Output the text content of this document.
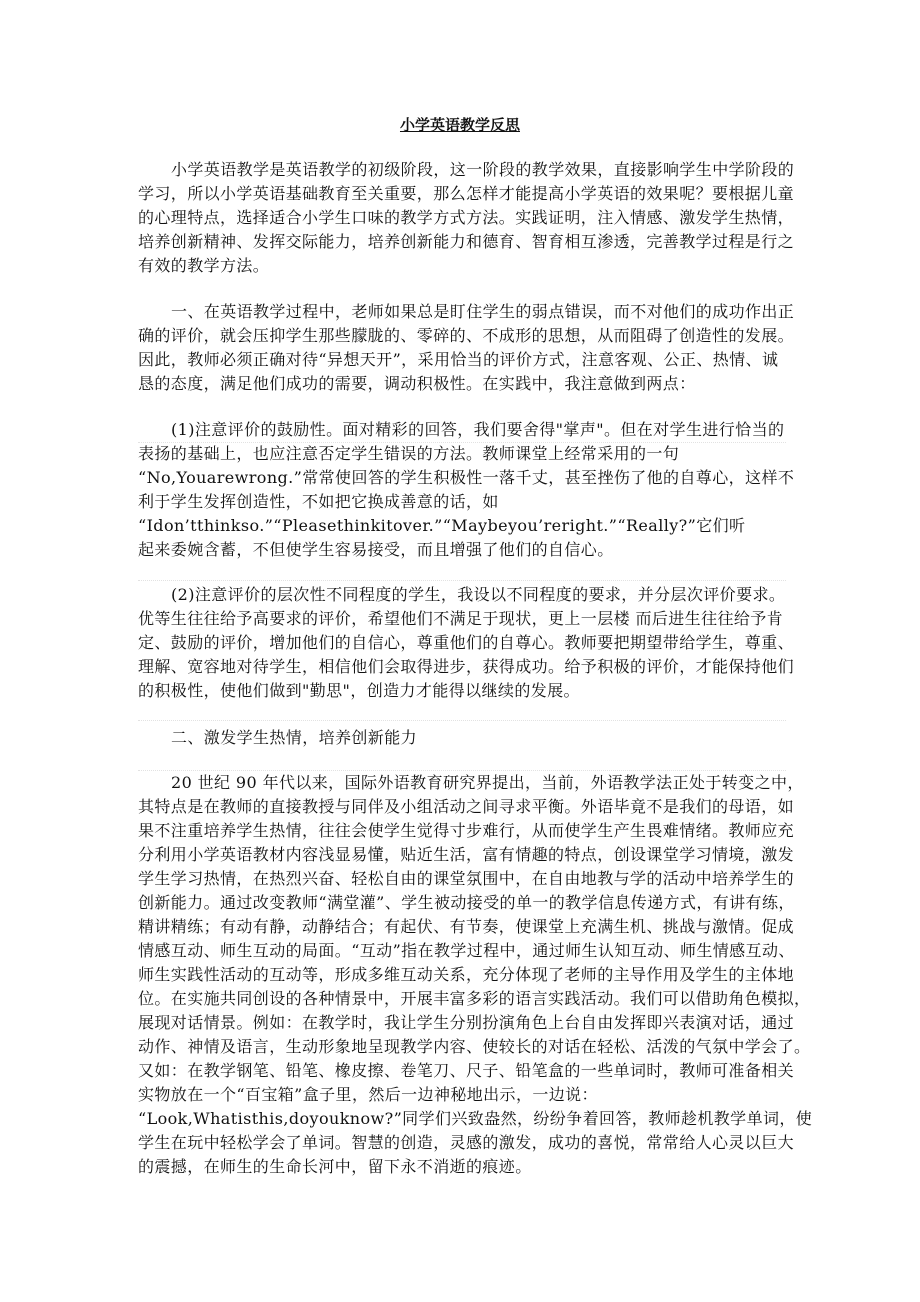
小学英语教学反思
小学英语教学是英语教学的初级阶段，这一阶段的教学效果，直接影响学生中学阶段的
学习，所以小学英语基础教育至关重要，那么怎样才能提高小学英语的效果呢？要根据儿童
的心理特点，选择适合小学生口味的教学方式方法。实践证明，注入情感、激发学生热情，
培养创新精神、发挥交际能力，培养创新能力和德育、智育相互渗透，完善教学过程是行之
有效的教学方法。
一、在英语教学过程中，老师如果总是盯住学生的弱点错误，而不对他们的成功作出正
确的评价，就会压抑学生那些朦胧的、零碎的、不成形的思想，从而阻碍了创造性的发展。
因此，教师必须正确对待“异想天开”，采用恰当的评价方式，注意客观、公正、热情、诚
恳的态度，满足他们成功的需要，调动积极性。在实践中，我注意做到两点：
(1)注意评价的鼓励性。面对精彩的回答，我们要舍得"掌声"。但在对学生进行恰当的
表扬的基础上，也应注意否定学生错误的方法。教师课堂上经常采用的一句
“No,Youarewrong.”常常使回答的学生积极性一落千丈，甚至挫伤了他的自尊心，这样不
利于学生发挥创造性，不如把它换成善意的话，如
“Idon’tthinkso.”“Pleasethinkitover.”“Maybeyou’reright.”“Really?”它们听
起来委婉含蓄，不但使学生容易接受，而且增强了他们的自信心。
(2)注意评价的层次性不同程度的学生，我设以不同程度的要求，并分层次评价要求。
优等生往往给予高要求的评价，希望他们不满足于现状，更上一层楼 而后进生往往给予肯
定、鼓励的评价，增加他们的自信心，尊重他们的自尊心。教师要把期望带给学生，尊重、
理解、宽容地对待学生，相信他们会取得进步，获得成功。给予积极的评价，才能保持他们
的积极性，使他们做到"勤思"，创造力才能得以继续的发展。
二、激发学生热情，培养创新能力
20 世纪 90 年代以来，国际外语教育研究界提出，当前，外语教学法正处于转变之中，
其特点是在教师的直接教授与同伴及小组活动之间寻求平衡。外语毕竟不是我们的母语，如
果不注重培养学生热情，往往会使学生觉得寸步难行，从而使学生产生畏难情绪。教师应充
分利用小学英语教材内容浅显易懂，贴近生活，富有情趣的特点，创设课堂学习情境，激发
学生学习热情，在热烈兴奋、轻松自由的课堂氛围中，在自由地教与学的活动中培养学生的
创新能力。通过改变教师“满堂灌”、学生被动接受的单一的教学信息传递方式，有讲有练，
精讲精练；有动有静，动静结合；有起伏、有节奏，使课堂上充满生机、挑战与激情。促成
情感互动、师生互动的局面。“互动”指在教学过程中，通过师生认知互动、师生情感互动、
师生实践性活动的互动等，形成多维互动关系，充分体现了老师的主导作用及学生的主体地
位。在实施共同创设的各种情景中，开展丰富多彩的语言实践活动。我们可以借助角色模拟，
展现对话情景。例如：在教学时，我让学生分别扮演角色上台自由发挥即兴表演对话，通过
动作、神情及语言，生动形象地呈现教学内容、使较长的对话在轻松、活泼的气氛中学会了。
又如：在教学钢笔、铅笔、橡皮擦、卷笔刀、尺子、铅笔盒的一些单词时，教师可准备相关
实物放在一个“百宝箱”盒子里，然后一边神秘地出示，一边说：
“Look,Whatisthis,doyouknow?”同学们兴致盎然，纷纷争着回答，教师趁机教学单词，使
学生在玩中轻松学会了单词。智慧的创造，灵感的激发，成功的喜悦，常常给人心灵以巨大
的震撼，在师生的生命长河中，留下永不消逝的痕迹。
